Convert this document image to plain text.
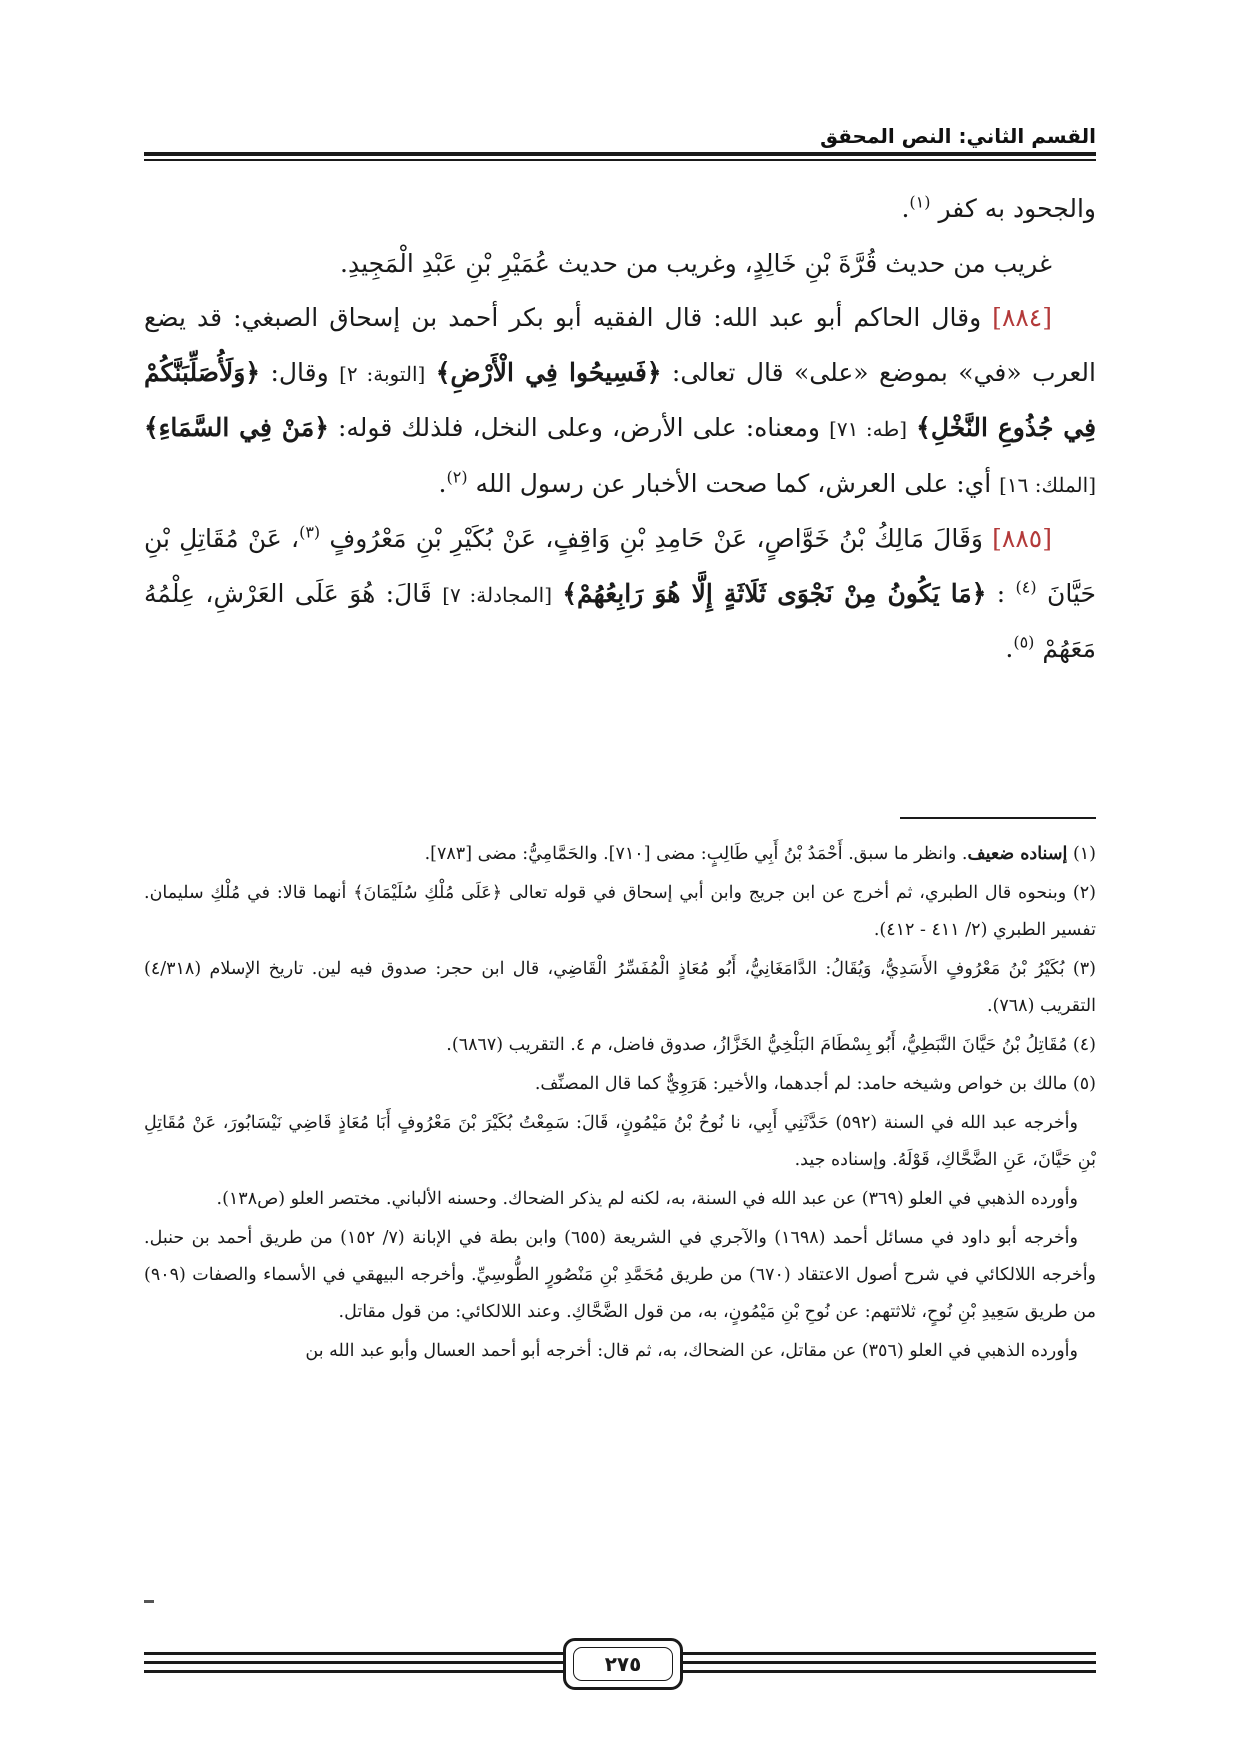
القسم الثاني: النص المحقق

والجحود به كفر $^{(١)}$.

غريب من حديث قُرَّةَ بْنِ خَالِدٍ، وغريب من حديث عُمَيْرِ بْنِ عَبْدِ الْمَجِيدِ.

[٨٨٤] وقال الحاكم أبو عبد الله: قال الفقيه أبو بكر أحمد بن إسحاق الصبغي: قد يضع العرب «في» بموضع «على» قال تعالى: ﴿فَسِيحُوا فِي الْأَرْضِ﴾ [التوبة: ٢] وقال: ﴿وَلَأُصَلِّبَنَّكُمْ فِي جُذُوعِ النَّخْلِ﴾ [طه: ٧١] ومعناه: على الأرض، وعلى النخل، فلذلك قوله: ﴿مَنْ فِي السَّمَاءِ﴾ [الملك: ١٦] أي: على العرش، كما صحت الأخبار عن رسول الله $^{(٢)}$.

[٨٨٥] وَقَالَ مَالِكُ بْنُ خَوَّاصٍ، عَنْ حَامِدِ بْنِ وَاقِفٍ، عَنْ بُكَيْرِ بْنِ مَعْرُوفٍ $^{(٣)}$، عَنْ مُقَاتِلِ بْنِ حَيَّانَ $^{(٤)}$ : ﴿مَا يَكُونُ مِنْ نَجْوَى ثَلَاثَةٍ إِلَّا هُوَ رَابِعُهُمْ﴾ [المجادلة: ٧] قَالَ: هُوَ عَلَى العَرْشِ، عِلْمُهُ مَعَهُمْ $^{(٥)}$.

(١) إسناده ضعيف. وانظر ما سبق. أَحْمَدُ بْنُ أَبِي طَالِبٍ: مضى [٧١٠]. والحَمَّامِيُّ: مضى [٧٨٣].

(٢) وبنحوه قال الطبري، ثم أخرج عن ابن جريج وابن أبي إسحاق في قوله تعالى ﴿عَلَى مُلْكِ سُلَيْمَانَ﴾ أنهما قالا: في مُلْكِ سليمان. تفسير الطبري (٢/ ٤١١ - ٤١٢).

(٣) بُكَيْرُ بْنُ مَعْرُوفٍ الأَسَدِيُّ، وَيُقَالُ: الدَّامَغَانِيُّ، أَبُو مُعَاذٍ الْمُفَسِّرُ الْقَاضِي، قال ابن حجر: صدوق فيه لين. تاريخ الإسلام (٤/٣١٨) التقريب (٧٦٨).

(٤) مُقَاتِلُ بْنُ حَيَّانَ النَّبَطِيُّ، أَبُو بِسْطَامَ البَلْخِيُّ الخَزَّازُ، صدوق فاضل، م ٤. التقريب (٦٨٦٧).

(٥) مالك بن خواص وشيخه حامد: لم أجدهما، والأخير: هَرَوِيٌّ كما قال المصنِّف.

وأخرجه عبد الله في السنة (٥٩٢) حَدَّثَنِي أَبِي، نا نُوحُ بْنُ مَيْمُونٍ، قَالَ: سَمِعْتُ بُكَيْرَ بْنَ مَعْرُوفٍ أَبَا مُعَاذٍ قَاضِي نَيْسَابُورَ، عَنْ مُقَاتِلِ بْنِ حَيَّانَ، عَنِ الضَّحَّاكِ، قَوْلَهُ. وإسناده جيد.

وأورده الذهبي في العلو (٣٦٩) عن عبد الله في السنة، به، لكنه لم يذكر الضحاك. وحسنه الألباني. مختصر العلو (ص١٣٨).

وأخرجه أبو داود في مسائل أحمد (١٦٩٨) والآجري في الشريعة (٦٥٥) وابن بطة في الإبانة (٧/ ١٥٢) من طريق أحمد بن حنبل. وأخرجه اللالكائي في شرح أصول الاعتقاد (٦٧٠) من طريق مُحَمَّدِ بْنِ مَنْصُورٍ الطُّوسِيِّ. وأخرجه البيهقي في الأسماء والصفات (٩٠٩) من طريق سَعِيدِ بْنِ نُوحٍ، ثلاثتهم: عن نُوحِ بْنِ مَيْمُونٍ، به، من قول الضَّحَّاكِ. وعند اللالكائي: من قول مقاتل.

وأورده الذهبي في العلو (٣٥٦) عن مقاتل، عن الضحاك، به، ثم قال: أخرجه أبو أحمد العسال وأبو عبد الله بن

٢٧٥
